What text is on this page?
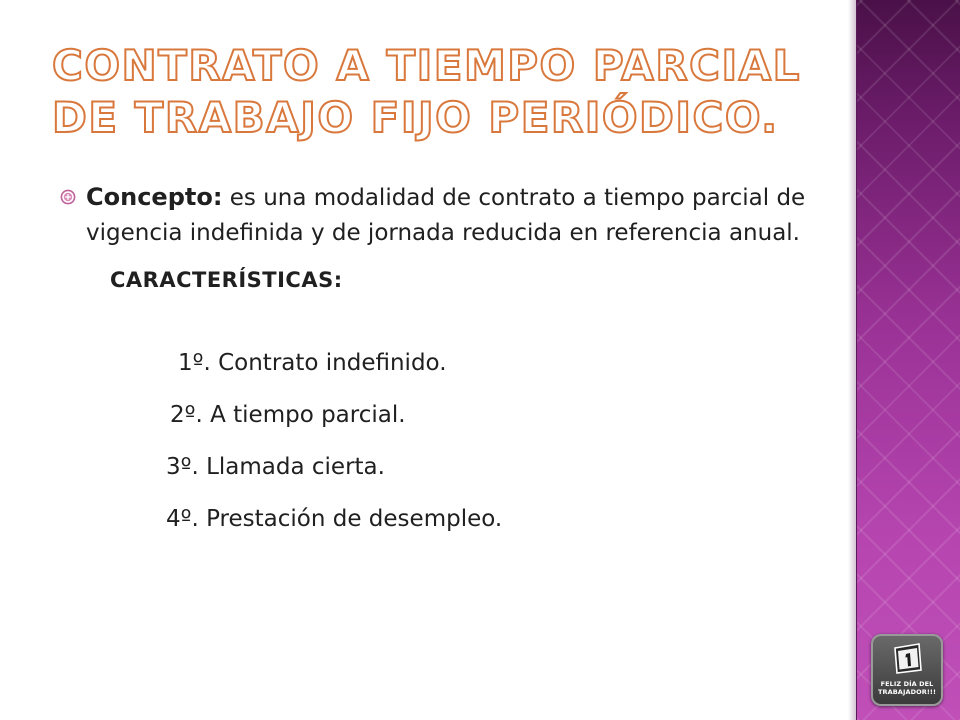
CONTRATO A TIEMPO PARCIAL
DE TRABAJO FIJO PERIÓDICO.
Concepto: es una modalidad de contrato a tiempo parcial de vigencia indefinida y de jornada reducida en referencia anual.
CARACTERÍSTICAS:
1º. Contrato indefinido.
2º. A tiempo parcial.
3º. Llamada cierta.
4º. Prestación de desempleo.
FELIZ DÍA DEL
TRABAJADOR!!!
